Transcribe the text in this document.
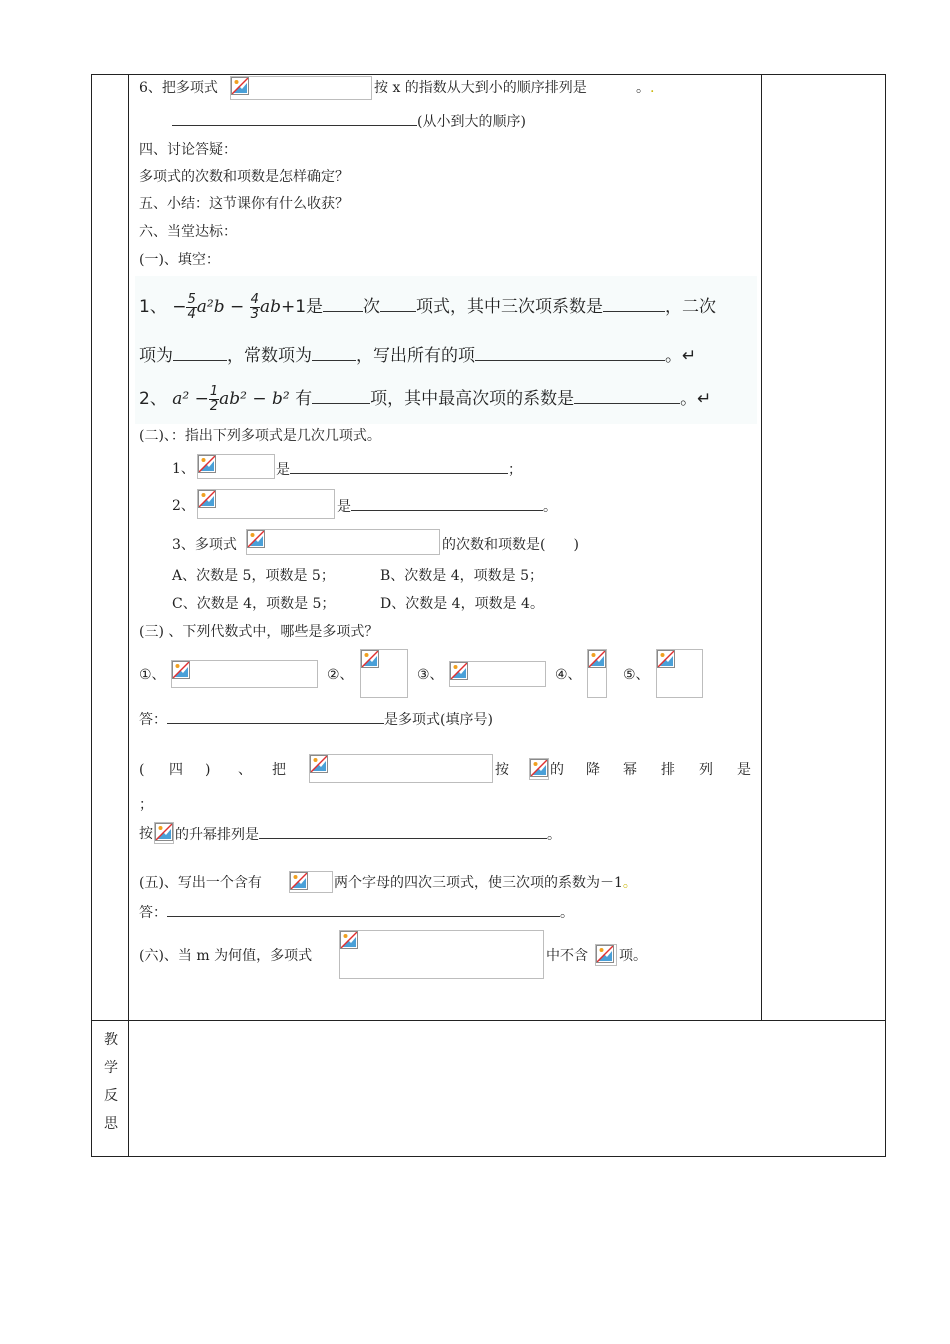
6、把多项式	按 x 的指数从大到小的顺序排列是	。.
(从小到大的顺序)
四、讨论答疑：
多项式的次数和项数是怎样确定？
五、小结：这节课你有什么收获？
六、当堂达标：
(一)、填空：
1、 − $\frac{5}{4} a^2b - \frac{4}{3} ab+1$是 次 项式，其中三次项系数是	，二次
项为	，常数项为	，写出所有的项	。↵
2、 $a^2 - \frac{1}{2} ab^2 - b^2$ 有	项，其中最高次项的系数是	。↵
(二)、：指出下列多项式是几次几项式。
1、	是	；
2、	是	。
3、多项式	的次数和项数是(　　)
A、次数是 5，项数是 5；	B、次数是 4，项数是 5；
C、次数是 4，项数是 5；	D、次数是 4，项数是 4。
(三) 、下列代数式中，哪些是多项式？
①、	②、	③、	④、	⑤、
答：	是多项式(填序号)
( 四 ) 、 把	按	的 降 幂 排 列 是
；
按 的升幂排列是	。
(五)、写出一个含有	两个字母的四次三项式，使三次项的系数为－1。
答：	。
(六)、当 m 为何值，多项式	中不含 项。
教
学
反
思
